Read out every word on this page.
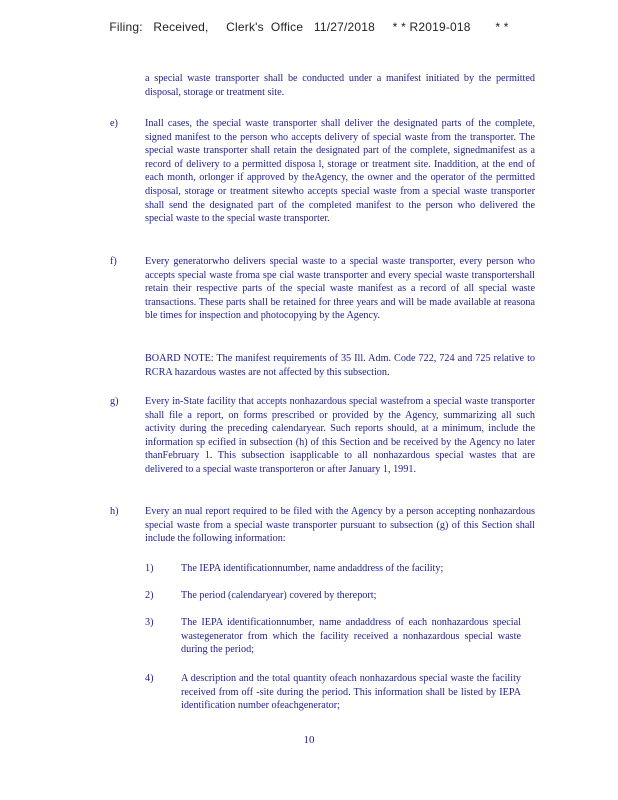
Filing:   Received,     Clerk's  Office   11/27/2018     * * R2019-018       * *
a special waste transporter shall be conducted under a manifest initiated by the permitted disposal, storage or treatment site.
e)	Inall cases, the special waste transporter shall deliver the designated parts of the complete, signed manifest to the person who accepts delivery of special waste from the transporter. The special waste transporter shall retain the designated part of the complete, signedmanifest as a record of delivery to a permitted disposa l, storage or treatment site. Inaddition, at the end of each month, orlonger if approved by theAgency, the owner and the operator of the permitted disposal, storage or treatment sitewho accepts special waste from a special waste transporter shall send the designated part of the completed manifest to the person who delivered the special waste to the special waste transporter.
f)	Every generatorwho delivers special waste to a special waste transporter, every person who accepts special waste froma spe cial waste transporter and every special waste transportershall retain their respective parts of the special waste manifest as a record of all special waste transactions. These parts shall be retained for three years and will be made available at reasona ble times for inspection and photocopying by the Agency.
BOARD NOTE: The manifest requirements of 35 Ill. Adm. Code 722, 724 and 725 relative to RCRA hazardous wastes are not affected by this subsection.
g)	Every in-State facility that accepts nonhazardous special wastefrom a special waste transporter shall file a report, on forms prescribed or provided by the Agency, summarizing all such activity during the preceding calendaryear. Such reports should, at a minimum, include the information sp ecified in subsection (h) of this Section and be received by the Agency no later thanFebruary 1. This subsection isapplicable to all nonhazardous special wastes that are delivered to a special waste transporteron or after January 1, 1991.
h)	Every an nual report required to be filed with the Agency by a person accepting nonhazardous special waste from a special waste transporter pursuant to subsection (g) of this Section shall include the following information:
1)	The IEPA identificationnumber, name andaddress of the facility;
2)	The period (calendaryear) covered by thereport;
3)	The IEPA identificationnumber, name andaddress of each nonhazardous special wastegenerator from which the facility received a nonhazardous special waste during the period;
4)	A description and the total quantity ofeach nonhazardous special waste the facility received from off -site during the period. This information shall be listed by IEPA identification number ofeachgenerator;
10
